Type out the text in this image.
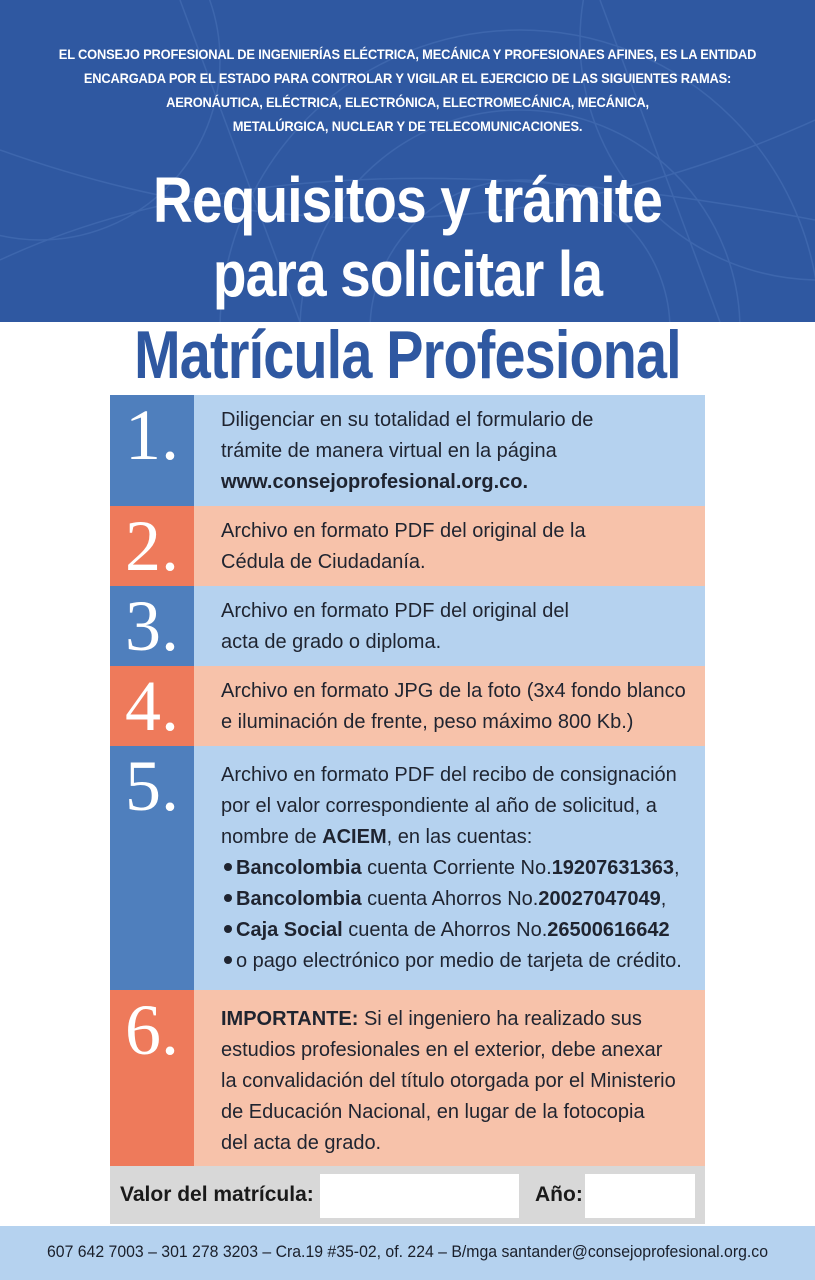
EL CONSEJO PROFESIONAL DE INGENIERÍAS ELÉCTRICA, MECÁNICA Y PROFESIONAES AFINES, ES LA ENTIDAD
ENCARGADA POR EL ESTADO PARA CONTROLAR Y VIGILAR EL EJERCICIO DE LAS SIGUIENTES RAMAS:
AERONÁUTICA, ELÉCTRICA, ELECTRÓNICA, ELECTROMECÁNICA, MECÁNICA,
METALÚRGICA, NUCLEAR Y DE TELECOMUNICACIONES.
Requisitos y trámite
para solicitar la
Matrícula Profesional
1.	Diligenciar en su totalidad el formulario de
trámite de manera virtual en la página
www.consejoprofesional.org.co.
2.	Archivo en formato PDF del original de la
Cédula de Ciudadanía.
3.	Archivo en formato PDF del original del
acta de grado o diploma.
4.	Archivo en formato JPG de la foto (3x4 fondo blanco
e iluminación de frente, peso máximo 800 Kb.)
5.	Archivo en formato PDF del recibo de consignación
por el valor correspondiente al año de solicitud, a
nombre de ACIEM, en las cuentas:
Bancolombia cuenta Corriente No.19207631363,
Bancolombia cuenta Ahorros No.20027047049,
Caja Social cuenta de Ahorros No.26500616642
o pago electrónico por medio de tarjeta de crédito.
6.	IMPORTANTE: Si el ingeniero ha realizado sus
estudios profesionales en el exterior, debe anexar
la convalidación del título otorgada por el Ministerio
de Educación Nacional, en lugar de la fotocopia
del acta de grado.
Valor del matrícula:	Año:
607 642 7003 – 301 278 3203 – Cra.19 #35-02, of. 224 – B/mga santander@consejoprofesional.org.co
